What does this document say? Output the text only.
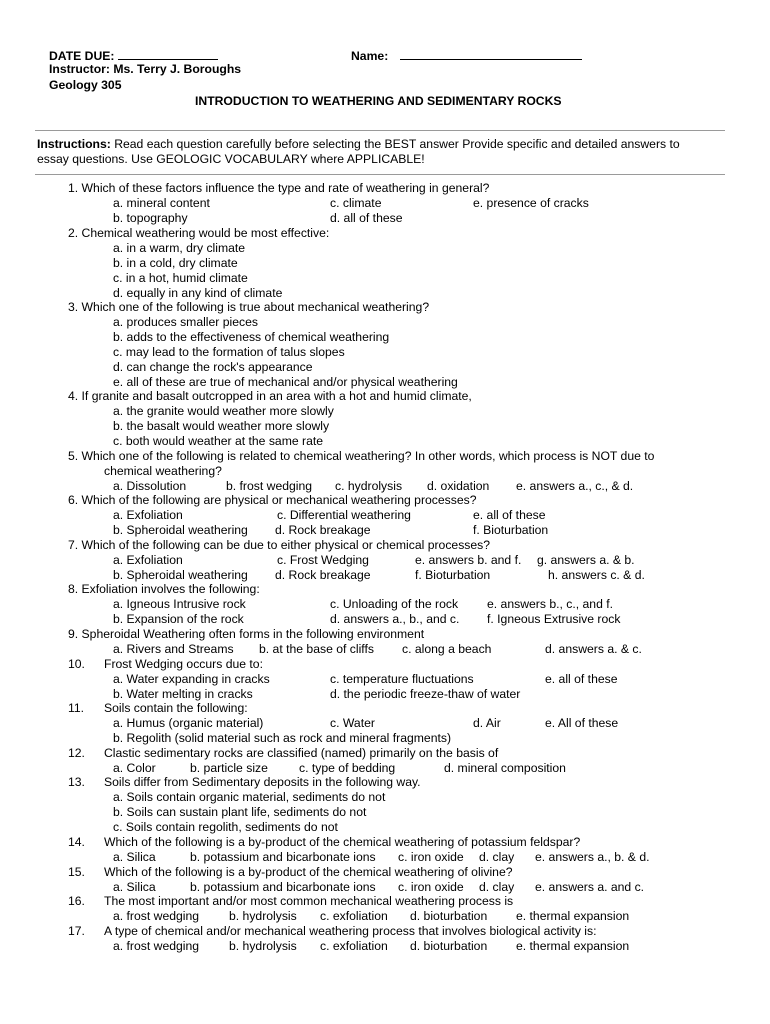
DATE DUE:	Name:
Instructor: Ms. Terry J. Boroughs
Geology 305
INTRODUCTION TO WEATHERING AND SEDIMENTARY ROCKS
Instructions: Read each question carefully before selecting the BEST answer Provide specific and detailed answers to
essay questions. Use GEOLOGIC VOCABULARY where APPLICABLE!
1. Which of these factors influence the type and rate of weathering in general?
a. mineral content	c. climate	e. presence of cracks
b. topography	d. all of these
2. Chemical weathering would be most effective:
a. in a warm, dry climate
b. in a cold, dry climate
c. in a hot, humid climate
d. equally in any kind of climate
3. Which one of the following is true about mechanical weathering?
a. produces smaller pieces
b. adds to the effectiveness of chemical weathering
c. may lead to the formation of talus slopes
d. can change the rock's appearance
e. all of these are true of mechanical and/or physical weathering
4. If granite and basalt outcropped in an area with a hot and humid climate,
a. the granite would weather more slowly
b. the basalt would weather more slowly
c. both would weather at the same rate
5. Which one of the following is related to chemical weathering? In other words, which process is NOT due to
chemical weathering?
a. Dissolution	b. frost wedging c. hydrolysis d. oxidation e. answers a., c., & d.
6. Which of the following are physical or mechanical weathering processes?
a. Exfoliation	c. Differential weathering	e. all of these
b. Spheroidal weathering d. Rock breakage	f. Bioturbation
7. Which of the following can be due to either physical or chemical processes?
a. Exfoliation	c. Frost Wedging	e. answers b. and f. g. answers a. & b.
b. Spheroidal weathering d. Rock breakage	f. Bioturbation	h. answers c. & d.
8. Exfoliation involves the following:
a. Igneous Intrusive rock	c. Unloading of the rock e. answers b., c., and f.
b. Expansion of the rock	d. answers a., b., and c. f. Igneous Extrusive rock
9. Spheroidal Weathering often forms in the following environment
a. Rivers and Streams b. at the base of cliffs c. along a beach	d. answers a. & c.
10. Frost Wedging occurs due to:
a. Water expanding in cracks	c. temperature fluctuations	e. all of these
b. Water melting in cracks	d. the periodic freeze-thaw of water
11. Soils contain the following:
a. Humus (organic material)	c. Water	d. Air	e. All of these
b. Regolith (solid material such as rock and mineral fragments)
12. Clastic sedimentary rocks are classified (named) primarily on the basis of
a. Color	b. particle size	c. type of bedding	d. mineral composition
13. Soils differ from Sedimentary deposits in the following way.
a. Soils contain organic material, sediments do not
b. Soils can sustain plant life, sediments do not
c. Soils contain regolith, sediments do not
14. Which of the following is a by-product of the chemical weathering of potassium feldspar?
a. Silica	b. potassium and bicarbonate ions c. iron oxide d. clay e. answers a., b. & d.
15. Which of the following is a by-product of the chemical weathering of olivine?
a. Silica	b. potassium and bicarbonate ions c. iron oxide d. clay e. answers a. and c.
16. The most important and/or most common mechanical weathering process is
a. frost wedging b. hydrolysis c. exfoliation d. bioturbation e. thermal expansion
17. A type of chemical and/or mechanical weathering process that involves biological activity is:
a. frost wedging b. hydrolysis c. exfoliation d. bioturbation e. thermal expansion
